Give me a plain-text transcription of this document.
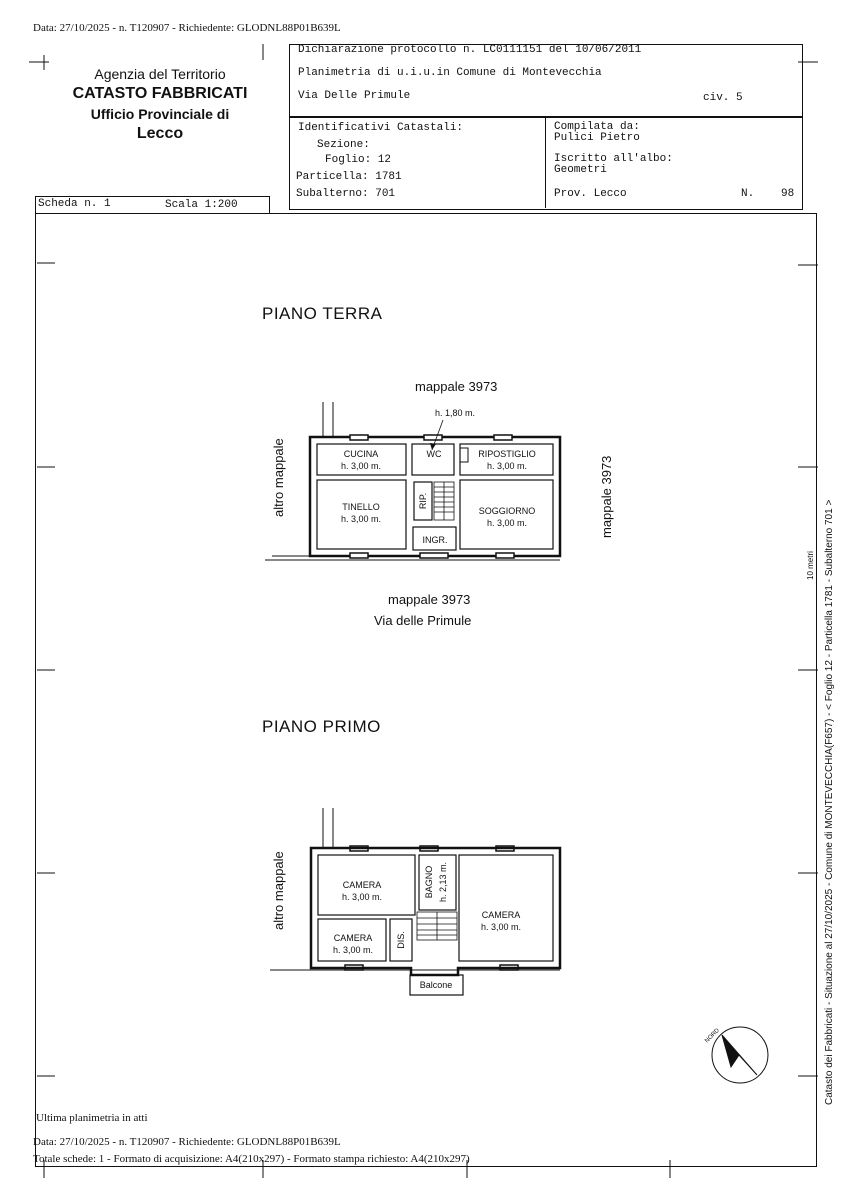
Data: 27/10/2025 - n. T120907 - Richiedente: GLODNL88P01B639L
Agenzia del Territorio
CATASTO FABBRICATI
Ufficio Provinciale di
Lecco
Dichiarazione protocollo n. LC0111151 del 10/06/2011
Planimetria di u.i.u.in Comune di Montevecchia
Via Delle Primule	civ. 5
Identificativi Catastali:
Sezione:
Foglio: 12
Particella: 1781
Subalterno: 701
Compilata da:
Pulici Pietro
Iscritto all'albo:
Geometri
Prov. Lecco	N. 98
Scheda n. 1	Scala 1:200
PIANO TERRA
PIANO PRIMO
mappale 3973
h. 1,80 m.
altro mappale	mappale 3973
mappale 3973
Via delle Primule
CUCINA
h. 3,00 m.
WC	RIPOSTIGLIO
h. 3,00 m.
TINELLO
h. 3,00 m.
RIP.
SOGGIORNO
h. 3,00 m.
INGR.
altro mappale	CAMERA
h. 3,00 m.	BAGNO h. 2,13 m.
CAMERA
h. 3,00 m.
CAMERA
h. 3,00 m.
DIS.
Balcone
NORD	Catasto dei Fabbricati - Situazione al 27/10/2025 - Comune di MONTEVECCHIA(F657) - < Foglio 12 - Particella 1781 - Subalterno 701 >
10 metri
Ultima planimetria in atti
Data: 27/10/2025 - n. T120907 - Richiedente: GLODNL88P01B639L
Totale schede: 1 - Formato di acquisizione: A4(210x297) - Formato stampa richiesto: A4(210x297)
